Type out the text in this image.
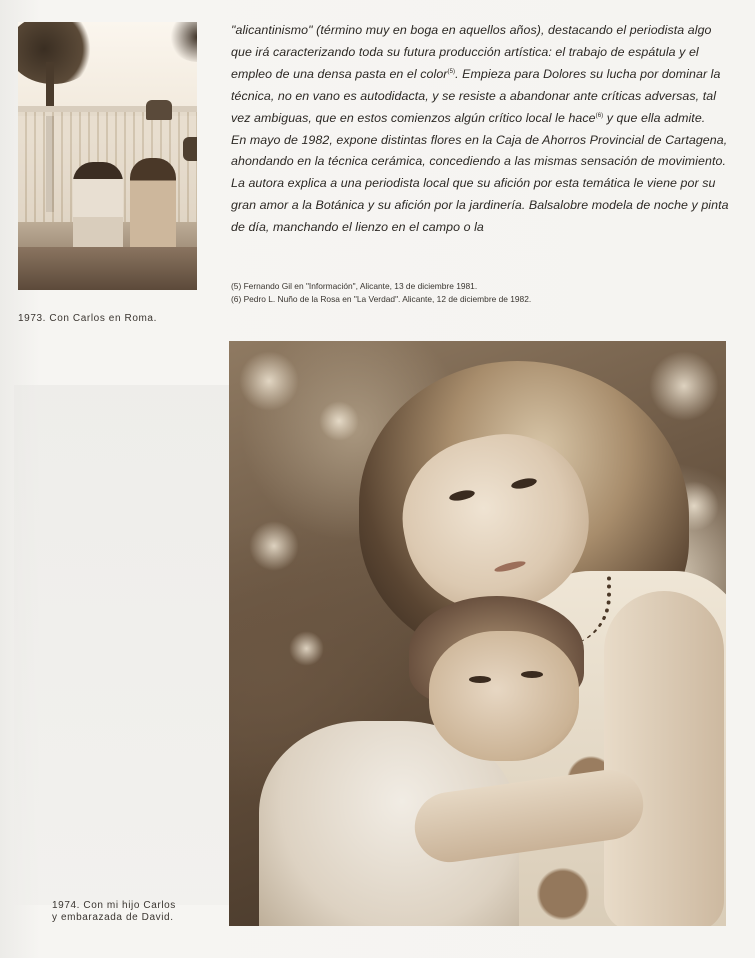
1973. Con Carlos en Roma.

"alicantinismo" (término muy en boga en aquellos años), destacando el periodista algo que irá caracterizando toda su futura producción artística: el trabajo de espátula y el empleo de una densa pasta en el color$^{(5)}$. Empieza para Dolores su lucha por dominar la técnica, no en vano es autodidacta, y se resiste a abandonar ante críticas adversas, tal vez ambiguas, que en estos comienzos algún crítico local le hace$^{(6)}$ y que ella admite.

En mayo de 1982, expone distintas flores en la Caja de Ahorros Provincial de Cartagena, ahondando en la técnica cerámica, concediendo a las mismas sensación de movimiento. La autora explica a una periodista local que su afición por esta temática le viene por su gran amor a la Botánica y su afición por la jardinería. Balsalobre modela de noche y pinta de día, manchando el lienzo en el campo o la

(5) Fernando Gil en "Información", Alicante, 13 de diciembre 1981.
(6) Pedro L. Nuño de la Rosa en "La Verdad". Alicante, 12 de diciembre de 1982.
1974. Con mi hijo Carlos
y embarazada de David.
